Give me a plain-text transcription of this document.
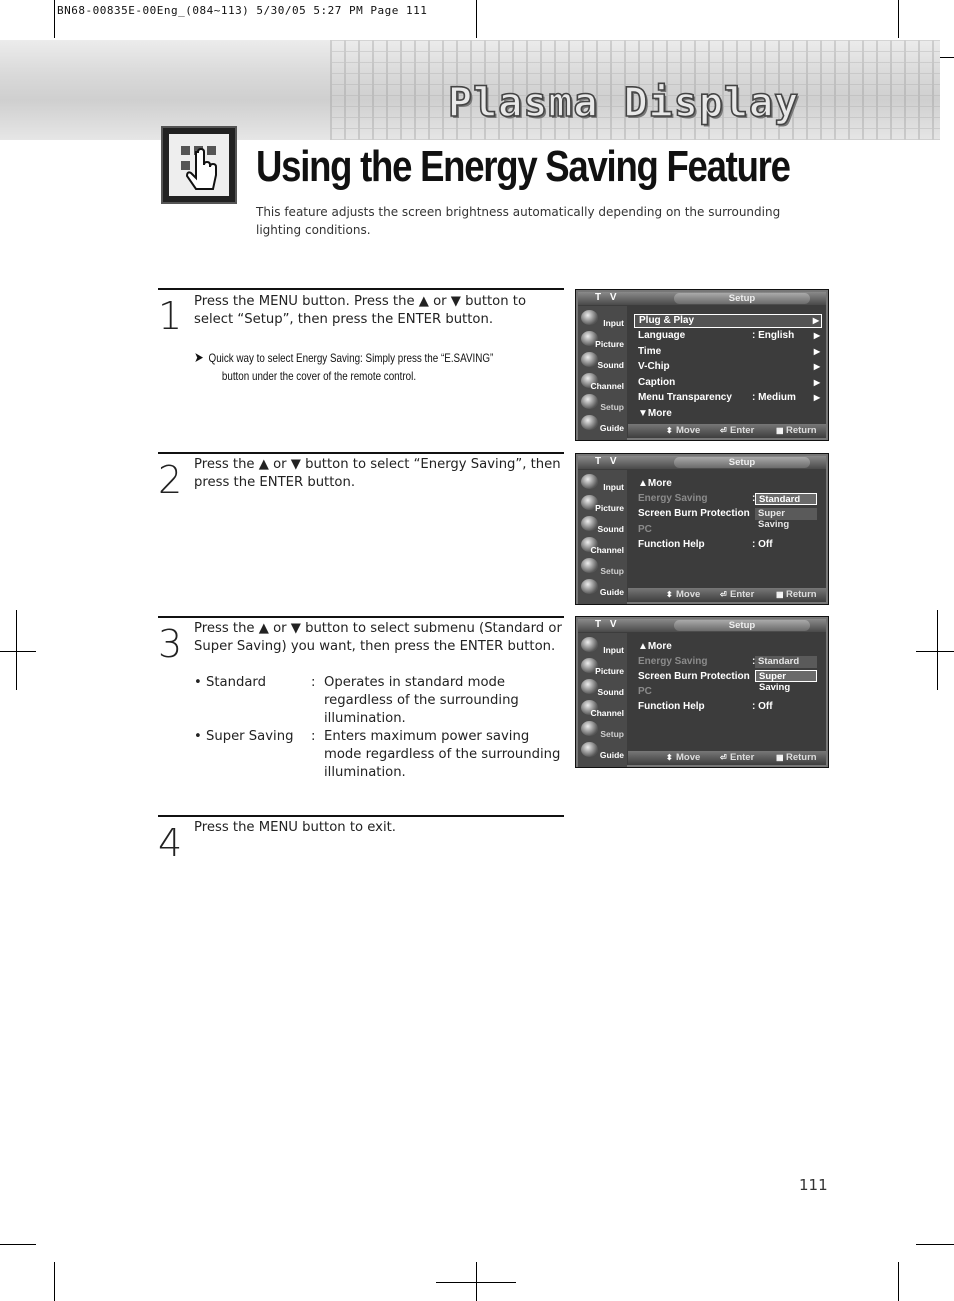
BN68-00835E-00Eng_(084~113) 5/30/05 5:27 PM Page 111
Plasma Display
Using the Energy Saving Feature
This feature adjusts the screen brightness automatically depending on the surrounding lighting conditions.
1 Press the MENU button. Press the ▲ or ▼ button to select “Setup”, then press the ENTER button.
➤ Quick way to select Energy Saving: Simply press the “E.SAVING”
button under the cover of the remote control.
2 Press the ▲ or ▼ button to select “Energy Saving”, then press the ENTER button.
3 Press the ▲ or ▼ button to select submenu (Standard or Super Saving) you want, then press the ENTER button.
• Standard	: Operates in standard mode regardless of the surrounding illumination.
• Super Saving : Enters maximum power saving mode regardless of the surrounding illumination.
4 Press the MENU button to exit.
T V	Setup
Input
Picture
Sound
Channel
Setup
Guide
Plug & Play	▶
Language	: English ▶
Time	▶
V-Chip	▶
Caption	▶
Menu Transparency : Medium ▶
▼More
⬍ Move ⏎ Enter	▦ Return
T V	Setup
Input
Picture
Sound
Channel
Setup
Guide
▲More
Energy Saving	: Standard
Super Saving
Screen Burn Protection
PC
Function Help	: Off
⬍ Move ⏎ Enter	▦ Return
T V	Setup
Input
Picture
Sound
Channel
Setup
Guide
▲More
Energy Saving	: Standard
Super Saving
Screen Burn Protection
PC
Function Help	: Off
⬍ Move ⏎ Enter	▦ Return
111
